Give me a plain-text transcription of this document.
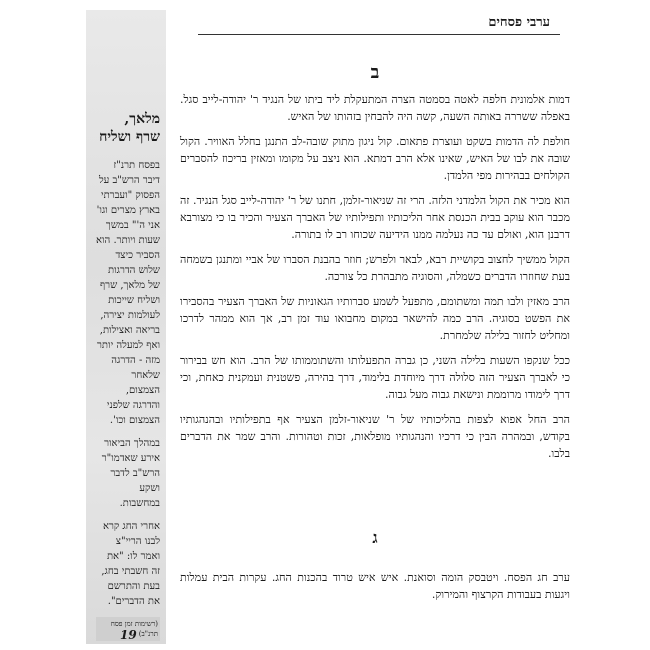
ערבי פסחים
מלאך, שרף ושליח
בפסח תרנ"ז דיבר הרש"ב על הפסוק "ועברתי בארץ מצרים וגו' אני ה'" במשך שעות ויותר. הוא הסביר כיצד שלוש הדרגות של מלאך, שרף ושליח שייכות לעולמות יצירה, בריאה ואצילות, ואף למעלה יותר מזה - הדרגה שלאחר הצמצום, והדרגה שלפני הצמצום וכו'.
במהלך הביאור אירע שאדמו"ר הרש"ב לדבר ושקע במחשבות.
אחרי החג קרא לבנו הריי"צ ואמר לו: "את זה חשבתי בחג, בעת והתרשם את הדברים".
(רשימות זמן פסח תרנ"ב)
ב

דמות אלמונית חלפה לאטה בסמטה הצרה המתעקלת ליד ביתו של הנגיד ר' יהודה-לייב סגל. באפלה ששררה באותה השעה, קשה היה להבחין בזהותו של האיש.

חולפת לה הדמות בשקט ועוצרת פתאום. קול ניגון מתוק שובה-לב התנגן בחלל האוויר. הקול שובה את לבו של האיש, שאינו אלא הרב דמתא. הוא ניצב על מקומו ומאזין בריכוז להסברים הקולחים בבהירות מפי הלמדן.

הוא מכיר את הקול הלמדני הלזה. הרי זה שניאור-זלמן, חתנו של ר' יהודה-לייב סגל הנגיד. זה מכבר הוא עוקב בבית הכנסת אחר הליכותיו ותפילותיו של האברך הצעיר והכיר בו כי מצורבא דרבנן הוא, ואולם עד כה נעלמה ממנו הידיעה שכוחו רב לו בתורה.

הקול ממשיך לחצוב בקושיית רבא, לבאר ולפרש; חוזר בהבנת הסברו של אביי ומתנגן בשמחה בעת שחוזרו הדברים כשמלה, והסוגיה מתבהרת כל צורכה.

הרב מאזין ולבו תמה ומשתומם, מתפעל לשמע סברותיו הגאוניות של האברך הצעיר בהסבירו את הפשט בסוגיה. הרב כמה להישאר במקום מחבואו עוד זמן רב, אך הוא ממהר לדרכו ומחליט לחזור בלילה שלמחרת.

ככל שנקפו השעות בלילה השני, כן גברה התפעלותו והשתוממותו של הרב. הוא חש בבירור כי לאברך הצעיר הזה סלולה דרך מיוחדת בלימוד, דרך בהירה, פשטנית ועמקנית כאחת, וכי דרך לימודו מרוממת ונישאת גבוה מעל גבוה.

הרב החל אפוא לצפות בהליכותיו של ר' שניאור-זלמן הצעיר אף בתפילותיו ובהנהגותיו בקודש, ובמהרה הבין כי דרכיו והנהגותיו מופלאות, זכות וטהורות. והרב שמר את הדברים בלבו.

ג

ערב חג הפסח. ויטבסק הומה וסואנת. איש איש טרוד בהכנות החג. עקרות הבית עמלות ויגעות בעבודות הקרצוף והמירוק.

19
